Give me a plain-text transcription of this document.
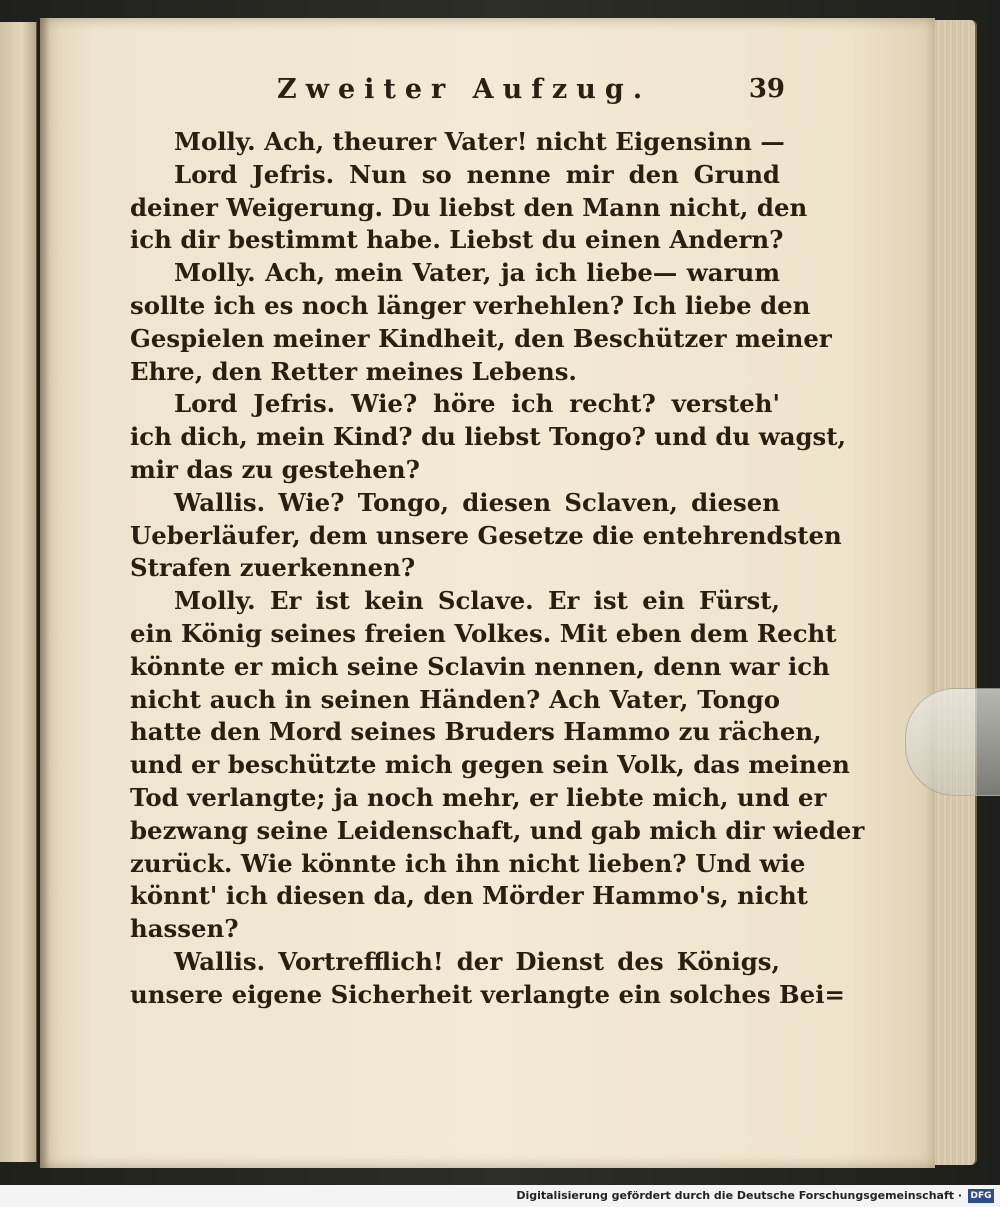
Zweiter Aufzug.	39
Molly. Ach, theurer Vater! nicht Eigensinn —
Lord Jefris. Nun so nenne mir den Grund
deiner Weigerung. Du liebst den Mann nicht, den
ich dir bestimmt habe. Liebst du einen Andern?
Molly. Ach, mein Vater, ja ich liebe— warum
sollte ich es noch länger verhehlen? Ich liebe den
Gespielen meiner Kindheit, den Beschützer meiner
Ehre, den Retter meines Lebens.
Lord Jefris. Wie? höre ich recht? versteh'
ich dich, mein Kind? du liebst Tongo? und du wagst,
mir das zu gestehen?
Wallis. Wie? Tongo, diesen Sclaven, diesen
Ueberläufer, dem unsere Gesetze die entehrendsten
Strafen zuerkennen?
Molly. Er ist kein Sclave. Er ist ein Fürst,
ein König seines freien Volkes. Mit eben dem Recht
könnte er mich seine Sclavin nennen, denn war ich
nicht auch in seinen Händen? Ach Vater, Tongo
hatte den Mord seines Bruders Hammo zu rächen,
und er beschützte mich gegen sein Volk, das meinen
Tod verlangte; ja noch mehr, er liebte mich, und er
bezwang seine Leidenschaft, und gab mich dir wieder
zurück. Wie könnte ich ihn nicht lieben? Und wie
könnt' ich diesen da, den Mörder Hammo's, nicht
hassen?
Wallis. Vortrefflich! der Dienst des Königs,
unsere eigene Sicherheit verlangte ein solches Bei=
Digitalisierung gefördert durch die Deutsche Forschungsgemeinschaft · DFG
